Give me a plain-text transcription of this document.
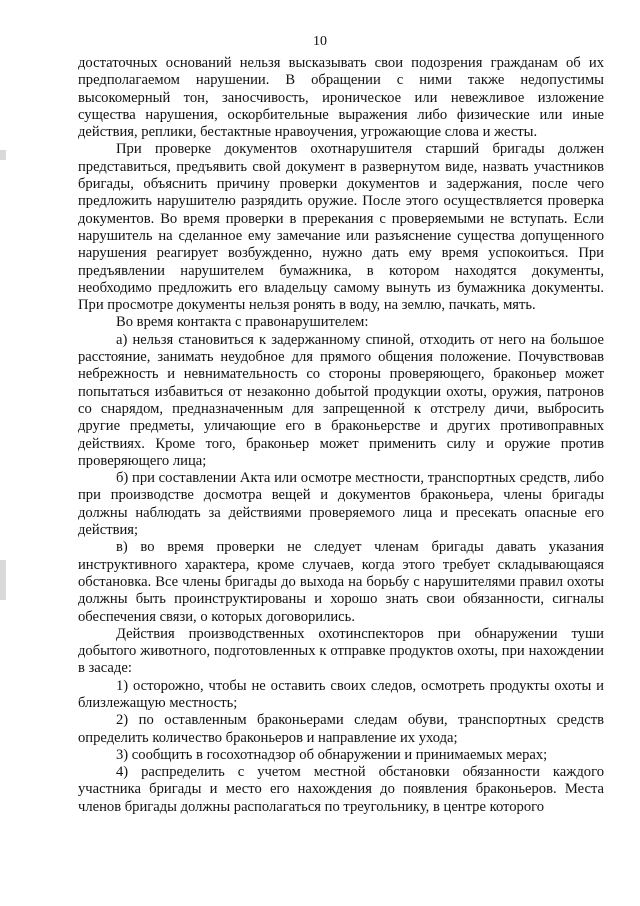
10

достаточных оснований нельзя высказывать свои подозрения гражданам об их предполагаемом нарушении. В обращении с ними также недопустимы высокомерный тон, заносчивость, ироническое или невежливое изложение существа нарушения, оскорбительные выражения либо физические или иные действия, реплики, бестактные нравоучения, угрожающие слова и жесты.

При проверке документов охотнарушителя старший бригады должен представиться, предъявить свой документ в развернутом виде, назвать участников бригады, объяснить причину проверки документов и задержания, после чего предложить нарушителю разрядить оружие. После этого осуществляется проверка документов. Во время проверки в пререкания с проверяемыми не вступать. Если нарушитель на сделанное ему замечание или разъяснение существа допущенного нарушения реагирует возбужденно, нужно дать ему время успокоиться. При предъявлении нарушителем бумажника, в котором находятся документы, необходимо предложить его владельцу самому вынуть из бумажника документы. При просмотре документы нельзя ронять в воду, на землю, пачкать, мять.

Во время контакта с правонарушителем:

а) нельзя становиться к задержанному спиной, отходить от него на большое расстояние, занимать неудобное для прямого общения положение. Почувствовав небрежность и невнимательность со стороны проверяющего, браконьер может попытаться избавиться от незаконно добытой продукции охоты, оружия, патронов со снарядом, предназначенным для запрещенной к отстрелу дичи, выбросить другие предметы, уличающие его в браконьерстве и других противоправных действиях. Кроме того, браконьер может применить силу и оружие против проверяющего лица;

б) при составлении Акта или осмотре местности, транспортных средств, либо при производстве досмотра вещей и документов браконьера, члены бригады должны наблюдать за действиями проверяемого лица и пресекать опасные его действия;

в) во время проверки не следует членам бригады давать указания инструктивного характера, кроме случаев, когда этого требует складывающаяся обстановка. Все члены бригады до выхода на борьбу с нарушителями правил охоты должны быть проинструктированы и хорошо знать свои обязанности, сигналы обеспечения связи, о которых договорились.

Действия производственных охотинспекторов при обнаружении туши добытого животного, подготовленных к отправке продуктов охоты, при нахождении в засаде:

1) осторожно, чтобы не оставить своих следов, осмотреть продукты охоты и близлежащую местность;

2) по оставленным браконьерами следам обуви, транспортных средств определить количество браконьеров и направление их ухода;

3) сообщить в госохотнадзор об обнаружении и принимаемых мерах;

4) распределить с учетом местной обстановки обязанности каждого участника бригады и место его нахождения до появления браконьеров. Места членов бригады должны располагаться по треугольнику, в центре которого
